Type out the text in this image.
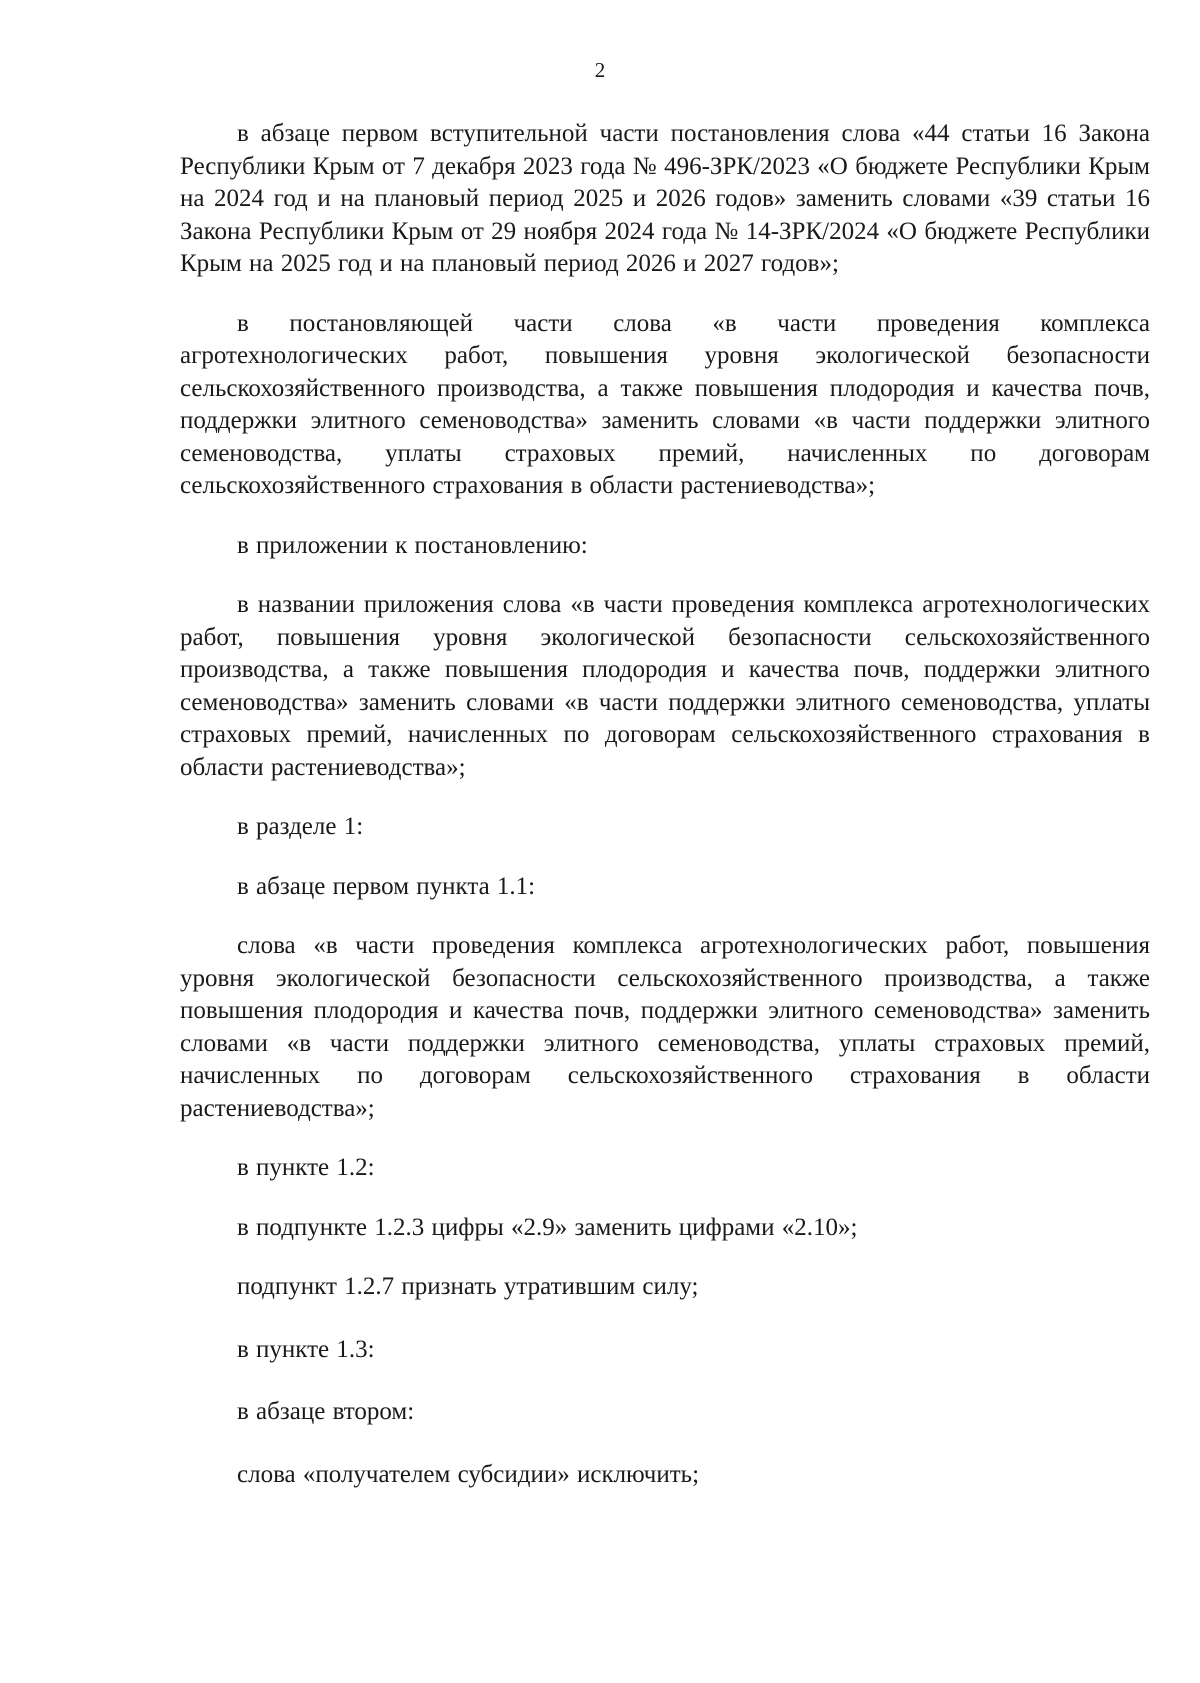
2

в абзаце первом вступительной части постановления слова «44 статьи 16 Закона Республики Крым от 7 декабря 2023 года № 496-ЗРК/2023 «О бюджете Республики Крым на 2024 год и на плановый период 2025 и 2026 годов» заменить словами «39 статьи 16 Закона Республики Крым от 29 ноября 2024 года № 14-ЗРК/2024 «О бюджете Республики Крым на 2025 год и на плановый период 2026 и 2027 годов»;

в постановляющей части слова «в части проведения комплекса агротехнологических работ, повышения уровня экологической безопасности сельскохозяйственного производства, а также повышения плодородия и качества почв, поддержки элитного семеноводства» заменить словами «в части поддержки элитного семеноводства, уплаты страховых премий, начисленных по договорам сельскохозяйственного страхования в области растениеводства»;

в приложении к постановлению:

в названии приложения слова «в части проведения комплекса агротехнологических работ, повышения уровня экологической безопасности сельскохозяйственного производства, а также повышения плодородия и качества почв, поддержки элитного семеноводства» заменить словами «в части поддержки элитного семеноводства, уплаты страховых премий, начисленных по договорам сельскохозяйственного страхования в области растениеводства»;

в разделе 1:

в абзаце первом пункта 1.1:

слова «в части проведения комплекса агротехнологических работ, повышения уровня экологической безопасности сельскохозяйственного производства, а также повышения плодородия и качества почв, поддержки элитного семеноводства» заменить словами «в части поддержки элитного семеноводства, уплаты страховых премий, начисленных по договорам сельскохозяйственного страхования в области растениеводства»;

в пункте 1.2:

в подпункте 1.2.3 цифры «2.9» заменить цифрами «2.10»;

подпункт 1.2.7 признать утратившим силу;

в пункте 1.3:

в абзаце втором:

слова «получателем субсидии» исключить;
